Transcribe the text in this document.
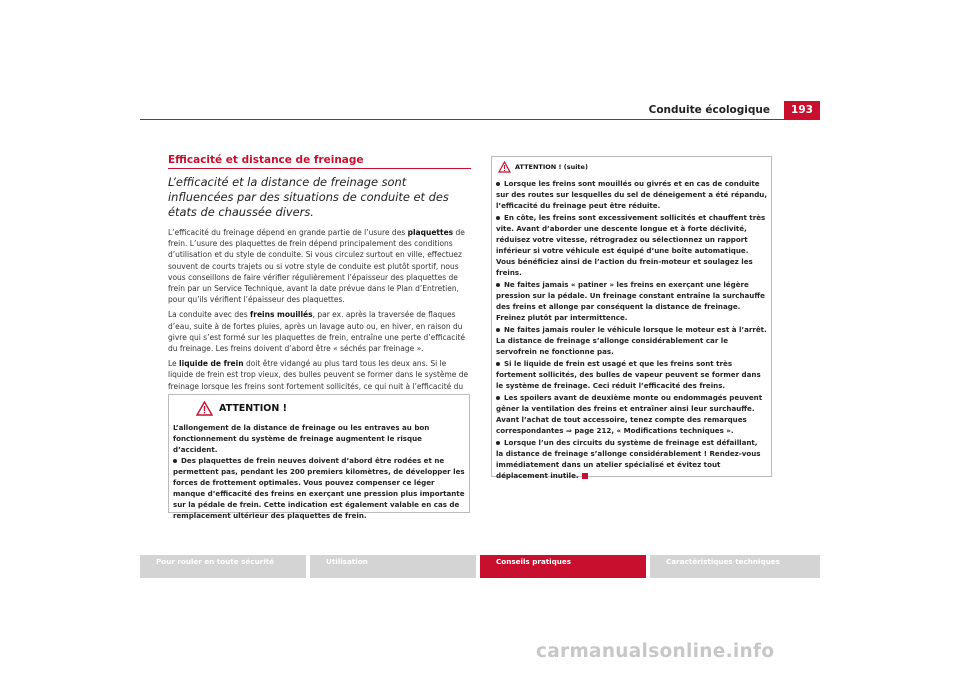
Conduite écologique	193
Efficacité et distance de freinage
L’efficacité et la distance de freinage sont influencées par des situations de conduite et des états de chaussée divers.

L’efficacité du freinage dépend en grande partie de l’usure des plaquettes de frein. L’usure des plaquettes de frein dépend principalement des conditions d’utilisation et du style de conduite. Si vous circulez surtout en ville, effectuez souvent de courts trajets ou si votre style de conduite est plutôt sportif, nous vous conseillons de faire vérifier régulièrement l’épaisseur des plaquettes de frein par un Service Technique, avant la date prévue dans le Plan d’Entretien, pour qu’ils vérifient l’épaisseur des plaquettes.

La conduite avec des freins mouillés, par ex. après la traversée de flaques d’eau, suite à de fortes pluies, après un lavage auto ou, en hiver, en raison du givre qui s’est formé sur les plaquettes de frein, entraîne une perte d’efficacité du freinage. Les freins doivent d’abord être « séchés par freinage ».

Le liquide de frein doit être vidangé au plus tard tous les deux ans. Si le liquide de frein est trop vieux, des bulles peuvent se former dans le système de freinage lorsque les freins sont fortement sollicités, ce qui nuit à l’efficacité du

ATTENTION !

L’allongement de la distance de freinage ou les entraves au bon fonctionnement du système de freinage augmentent le risque d’accident.

Des plaquettes de frein neuves doivent d’abord être rodées et ne permettent pas, pendant les 200 premiers kilomètres, de développer les forces de frottement optimales. Vous pouvez compenser ce léger manque d’efficacité des freins en exerçant une pression plus importante sur la pédale de frein. Cette indication est également valable en cas de remplacement ultérieur des plaquettes de frein.

ATTENTION ! (suite)

Lorsque les freins sont mouillés ou givrés et en cas de conduite sur des routes sur lesquelles du sel de déneigement a été répandu, l’efficacité du freinage peut être réduite.

En côte, les freins sont excessivement sollicités et chauffent très vite. Avant d’aborder une descente longue et à forte déclivité, réduisez votre vitesse, rétrogradez ou sélectionnez un rapport inférieur si votre véhicule est équipé d’une boîte automatique. Vous bénéficiez ainsi de l’action du frein-moteur et soulagez les freins.

Ne faites jamais « patiner » les freins en exerçant une légère pression sur la pédale. Un freinage constant entraîne la surchauffe des freins et allonge par conséquent la distance de freinage. Freinez plutôt par intermittence.

Ne faites jamais rouler le véhicule lorsque le moteur est à l’arrêt. La distance de freinage s’allonge considérablement car le servofrein ne fonctionne pas.

Si le liquide de frein est usagé et que les freins sont très fortement sollicités, des bulles de vapeur peuvent se former dans le système de freinage. Ceci réduit l’efficacité des freins.

Les spoilers avant de deuxième monte ou endommagés peuvent gêner la ventilation des freins et entraîner ainsi leur surchauffe. Avant l’achat de tout accessoire, tenez compte des remarques correspondantes ⇒ page 212, « Modifications techniques ».

Lorsque l’un des circuits du système de freinage est défaillant, la distance de freinage s’allonge considérablement ! Rendez-vous immédiatement dans un atelier spécialisé et évitez tout déplacement inutile.

Pour rouler en toute sécurité	Utilisation	Conseils pratiques	Caractéristiques techniques
carmanualsonline.info
